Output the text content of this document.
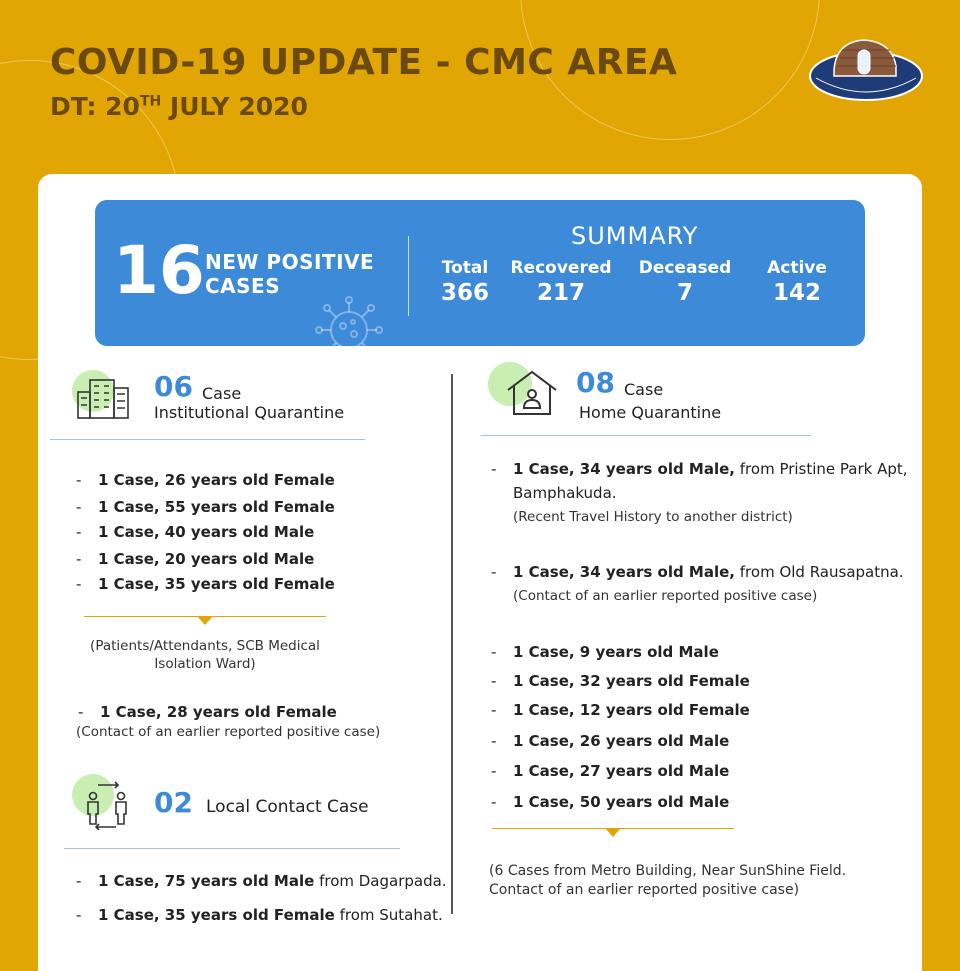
COVID-19 UPDATE - CMC AREA
DT: 20TH JULY 2020
16 NEW POSITIVE CASES
SUMMARY
Total
366
Recovered
217
Deceased
7
Active
142
06 Case
Institutional Quarantine
- 1 Case, 26 years old Female
- 1 Case, 55 years old Female
- 1 Case, 40 years old Male
- 1 Case, 20 years old Male
- 1 Case, 35 years old Female
(Patients/Attendants, SCB Medical
Isolation Ward)
- 1 Case, 28 years old Female
(Contact of an earlier reported positive case)
02 Local Contact Case
- 1 Case, 75 years old Male from Dagarpada.
- 1 Case, 35 years old Female from Sutahat.
08 Case
Home Quarantine
- 1 Case, 34 years old Male, from Pristine Park Apt,
Bamphakuda.
(Recent Travel History to another district)
- 1 Case, 34 years old Male, from Old Rausapatna.
(Contact of an earlier reported positive case)
- 1 Case, 9 years old Male
- 1 Case, 32 years old Female
- 1 Case, 12 years old Female
- 1 Case, 26 years old Male
- 1 Case, 27 years old Male
- 1 Case, 50 years old Male
(6 Cases from Metro Building, Near SunShine Field.
Contact of an earlier reported positive case)
